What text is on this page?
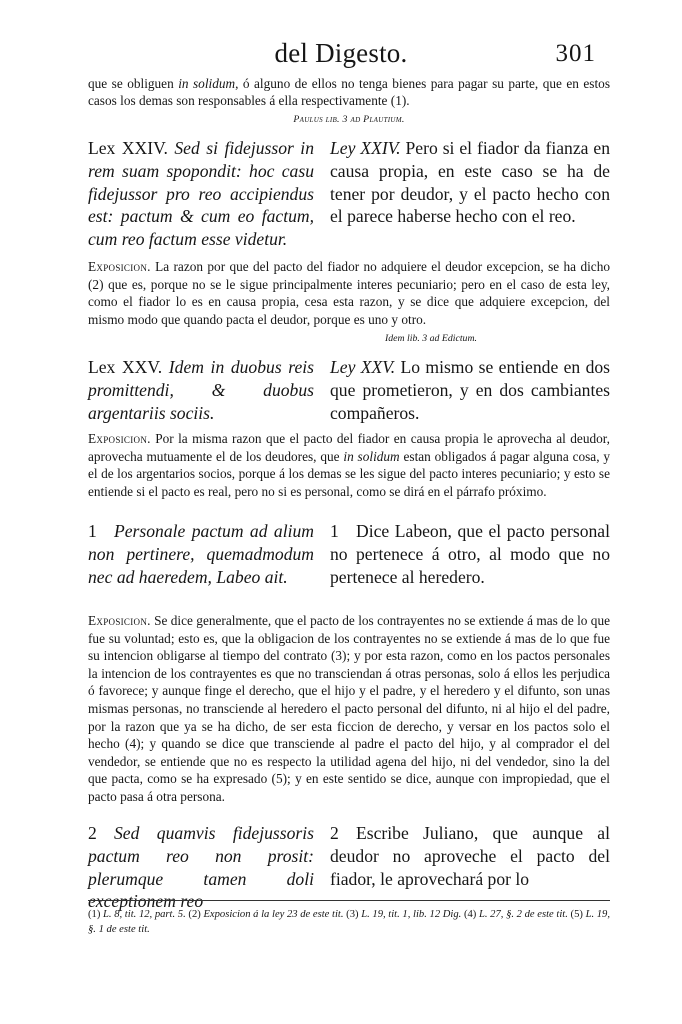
del Digesto.	301
que se obliguen in solidum, ó alguno de ellos no tenga bienes para pagar su parte, que en estos casos los demas son responsables á ella respectivamente (1).
Paulus lib. 3 ad Plautium.
Lex XXIV. Sed si fidejussor in rem suam spopondit: hoc casu fidejussor pro reo accipiendus est: pactum & cum eo factum, cum reo factum esse videtur.
Ley XXIV. Pero si el fiador da fianza en causa propia, en este caso se ha de tener por deudor, y el pacto hecho con el parece haberse hecho con el reo.
Exposicion. La razon por que del pacto del fiador no adquiere el deudor excepcion, se ha dicho (2) que es, porque no se le sigue principalmente interes pecuniario; pero en el caso de esta ley, como el fiador lo es en causa propia, cesa esta razon, y se dice que adquiere excepcion, del mismo modo que quando pacta el deudor, porque es uno y otro.
Idem lib. 3 ad Edictum.
Lex XXV. Idem in duobus reis promittendi, & duobus argentariis sociis.
Ley XXV. Lo mismo se entiende en dos que prometieron, y en dos cambiantes compañeros.
Exposicion. Por la misma razon que el pacto del fiador en causa propia le aprovecha al deudor, aprovecha mutuamente el de los deudores, que in solidum estan obligados á pagar alguna cosa, y el de los argentarios socios, porque á los demas se les sigue del pacto interes pecuniario; y esto se entiende si el pacto es real, pero no si es personal, como se dirá en el párrafo próximo.
1 Personale pactum ad alium non pertinere, quemadmodum nec ad haeredem, Labeo ait.
1 Dice Labeon, que el pacto personal no pertenece á otro, al modo que no pertenece al heredero.
Exposicion. Se dice generalmente, que el pacto de los contrayentes no se extiende á mas de lo que fue su voluntad; esto es, que la obligacion de los contrayentes no se extiende á mas de lo que fue su intencion obligarse al tiempo del contrato (3); y por esta razon, como en los pactos personales la intencion de los contrayentes es que no transciendan á otras personas, solo á ellos les perjudica ó favorece; y aunque finge el derecho, que el hijo y el padre, y el heredero y el difunto, son unas mismas personas, no transciende al heredero el pacto personal del difunto, ni al hijo el del padre, por la razon que ya se ha dicho, de ser esta ficcion de derecho, y versar en los pactos solo el hecho (4); y quando se dice que transciende al padre el pacto del hijo, y al comprador el del vendedor, se entiende que no es respecto la utilidad agena del hijo, ni del vendedor, sino la del que pacta, como se ha expresado (5); y en este sentido se dice, aunque con impropiedad, que el pacto pasa á otra persona.
2 Sed quamvis fidejussoris pactum reo non prosit: plerumque tamen doli exceptionem reo
2 Escribe Juliano, que aunque al deudor no aproveche el pacto del fiador, le aprovechará por lo
(1) L. 8, tit. 12, part. 5. (2) Exposicion á la ley 23 de este tit. (3) L. 19, tit. 1, lib. 12 Dig. (4) L. 27, §. 2 de este tit. (5) L. 19, §. 1 de este tit.
